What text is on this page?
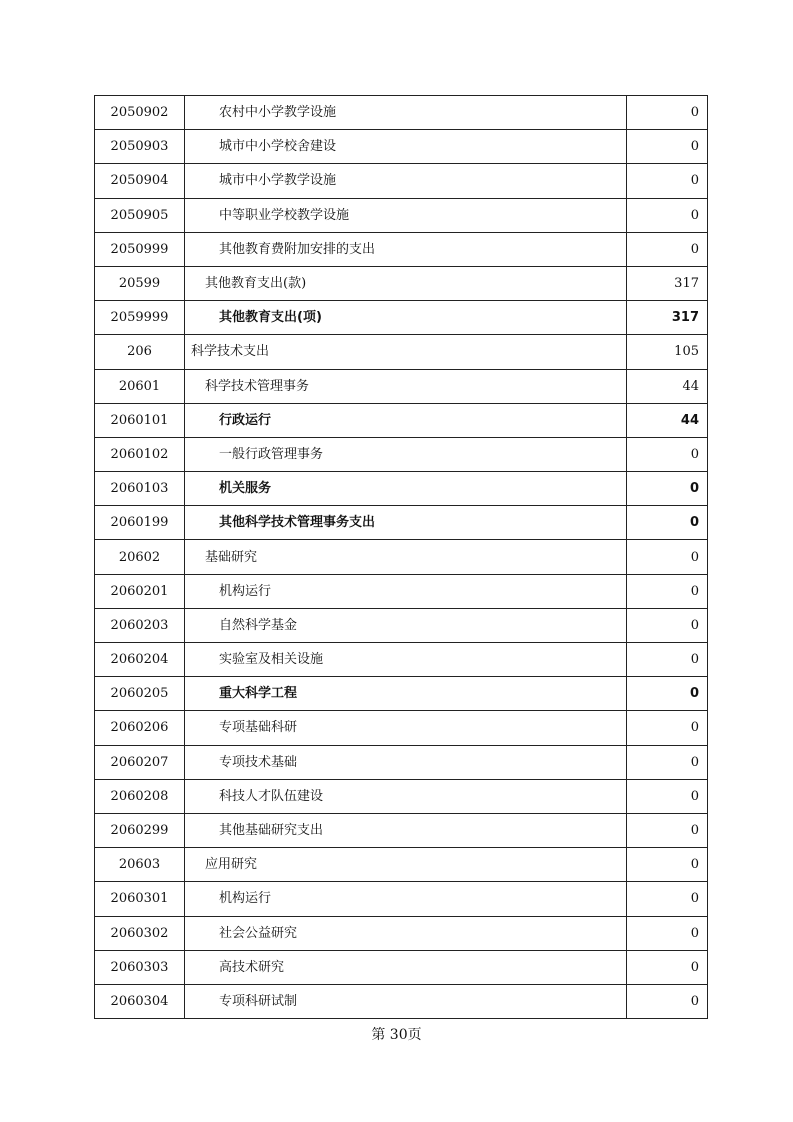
2050902	农村中小学教学设施	0
2050903	城市中小学校舍建设	0
2050904	城市中小学教学设施	0
2050905	中等职业学校教学设施	0
2050999	其他教育费附加安排的支出	0
20599	其他教育支出(款)	317
2059999	其他教育支出(项)	317
206	科学技术支出	105
20601	科学技术管理事务	44
2060101	行政运行	44
2060102	一般行政管理事务	0
2060103	机关服务	0
2060199	其他科学技术管理事务支出	0
20602	基础研究	0
2060201	机构运行	0
2060203	自然科学基金	0
2060204	实验室及相关设施	0
2060205	重大科学工程	0
2060206	专项基础科研	0
2060207	专项技术基础	0
2060208	科技人才队伍建设	0
2060299	其他基础研究支出	0
20603	应用研究	0
2060301	机构运行	0
2060302	社会公益研究	0
2060303	高技术研究	0
2060304	专项科研试制	0
第 30页
